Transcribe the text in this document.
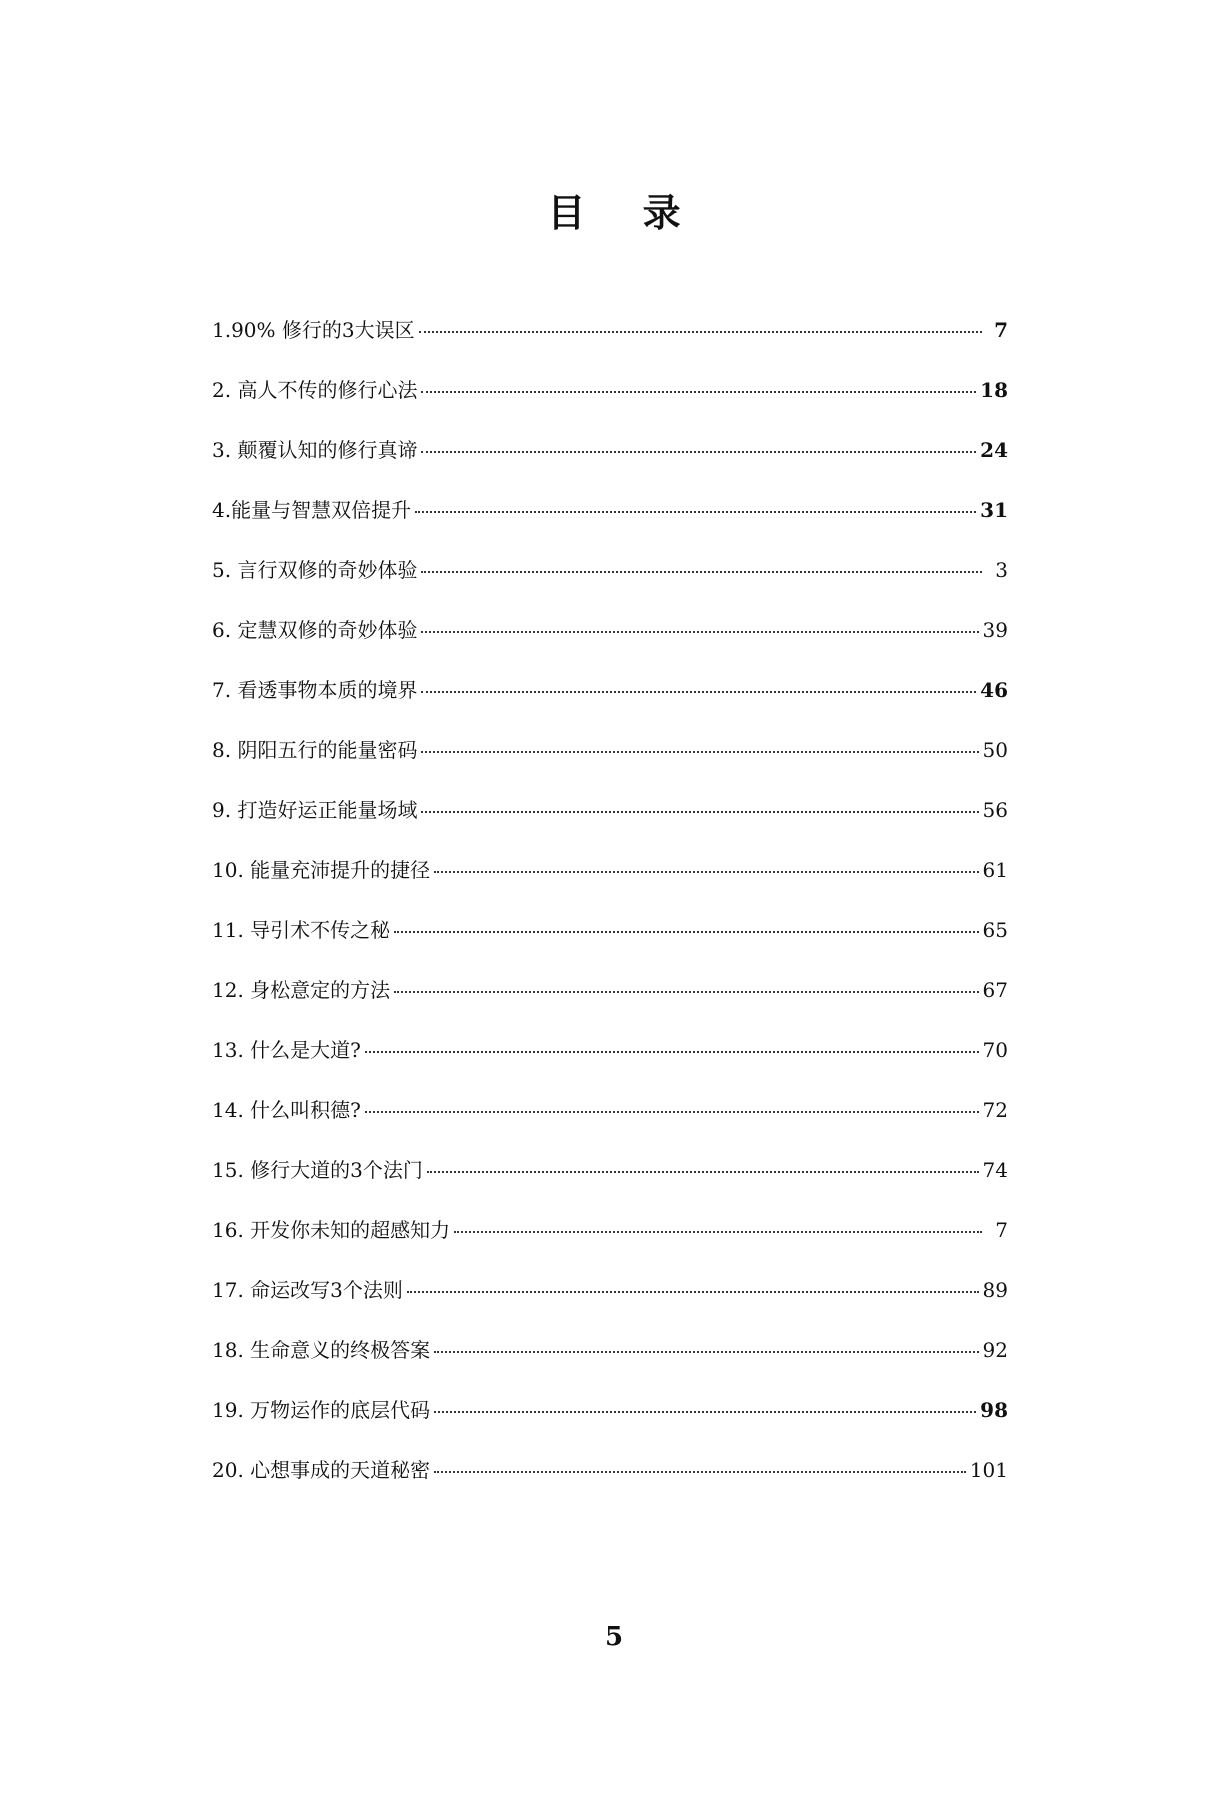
目 录
1.90% 修行的3大误区	7
2. 高人不传的修行心法	18
3. 颠覆认知的修行真谛	24
4.能量与智慧双倍提升	31
5. 言行双修的奇妙体验	3
6. 定慧双修的奇妙体验	39
7. 看透事物本质的境界	46
8. 阴阳五行的能量密码	50
9. 打造好运正能量场域	56
10. 能量充沛提升的捷径	61
11. 导引术不传之秘	65
12. 身松意定的方法	67
13. 什么是大道?	70
14. 什么叫积德?	72
15. 修行大道的3个法门	74
16. 开发你未知的超感知力	7
17. 命运改写3个法则	89
18. 生命意义的终极答案	92
19. 万物运作的底层代码	98
20. 心想事成的天道秘密	101
5
